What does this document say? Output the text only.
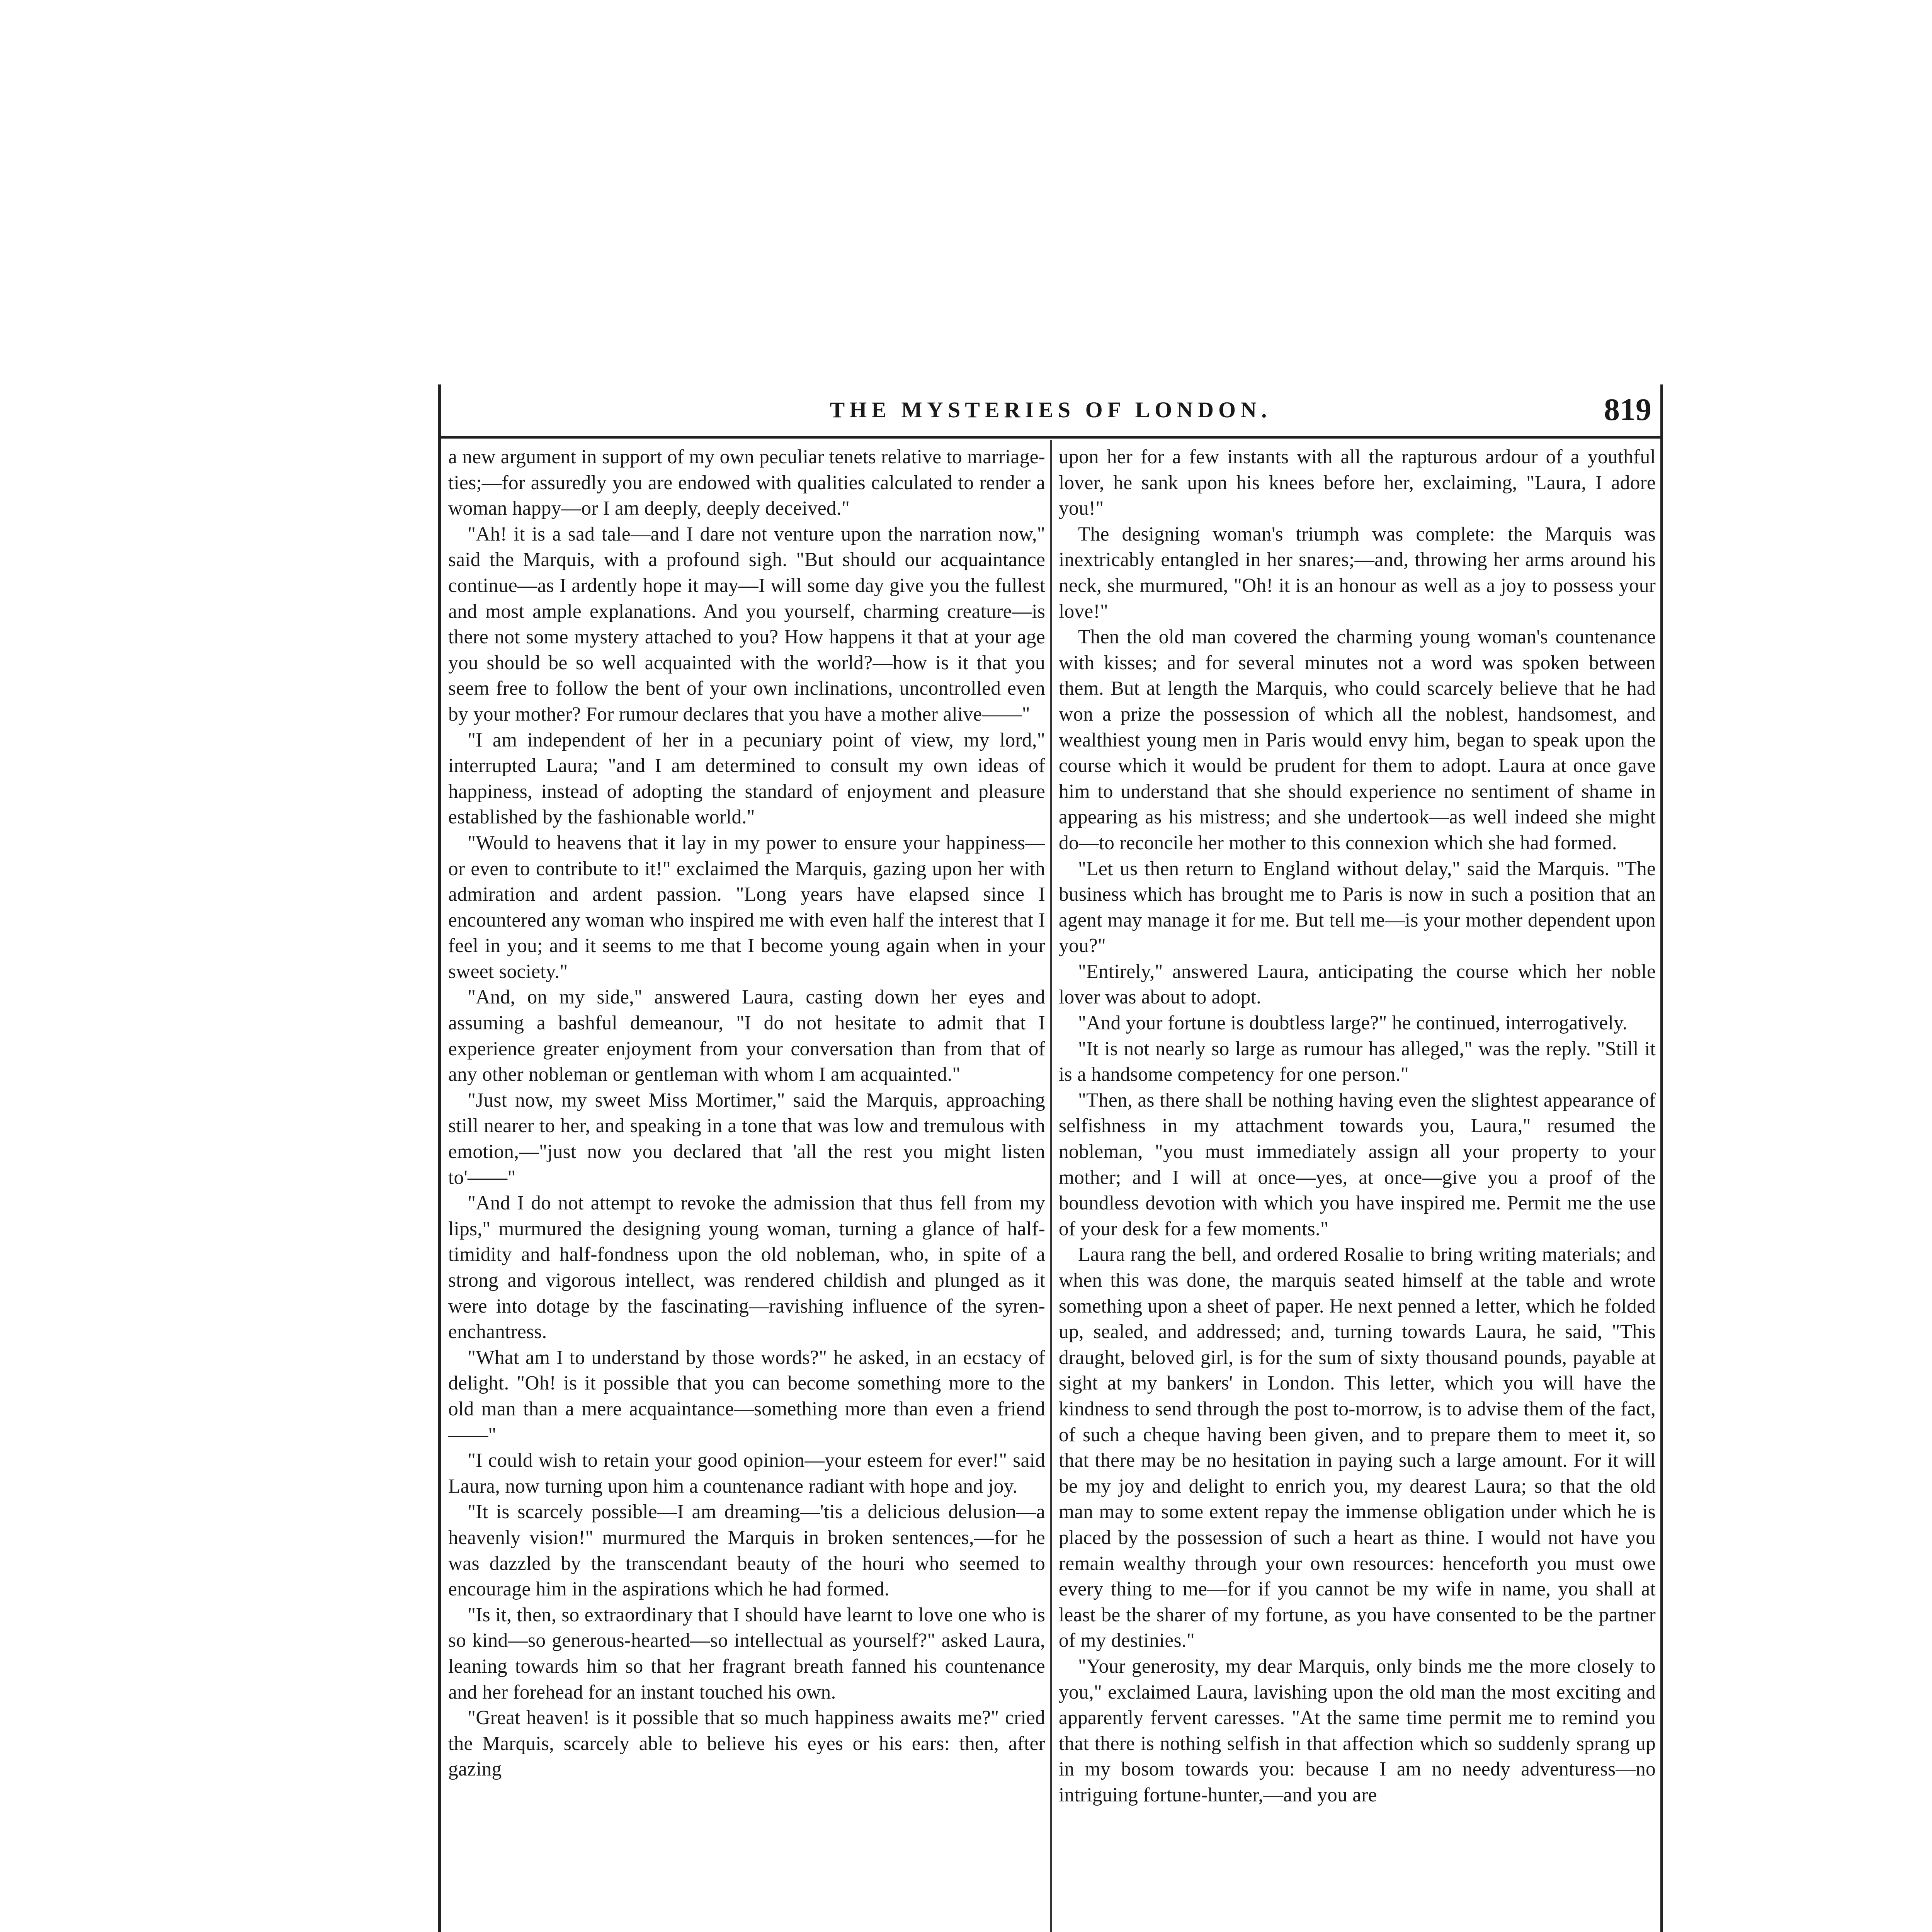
THE MYSTERIES OF LONDON.	819

a new argument in support of my own peculiar tenets relative to marriage-ties;—for assuredly you are endowed with qualities calculated to render a woman happy—or I am deeply, deeply deceived."

"Ah! it is a sad tale—and I dare not venture upon the narration now," said the Marquis, with a profound sigh. "But should our acquaintance continue—as I ardently hope it may—I will some day give you the fullest and most ample explanations. And you yourself, charming creature—is there not some mystery attached to you? How happens it that at your age you should be so well acquainted with the world?—how is it that you seem free to follow the bent of your own inclinations, uncontrolled even by your mother? For rumour declares that you have a mother alive——"

"I am independent of her in a pecuniary point of view, my lord," interrupted Laura; "and I am determined to consult my own ideas of happiness, instead of adopting the standard of enjoyment and pleasure established by the fashionable world."

"Would to heavens that it lay in my power to ensure your happiness—or even to contribute to it!" exclaimed the Marquis, gazing upon her with admiration and ardent passion. "Long years have elapsed since I encountered any woman who inspired me with even half the interest that I feel in you; and it seems to me that I become young again when in your sweet society."

"And, on my side," answered Laura, casting down her eyes and assuming a bashful demeanour, "I do not hesitate to admit that I experience greater enjoyment from your conversation than from that of any other nobleman or gentleman with whom I am acquainted."

"Just now, my sweet Miss Mortimer," said the Marquis, approaching still nearer to her, and speaking in a tone that was low and tremulous with emotion,—"just now you declared that 'all the rest you might listen to'——"

"And I do not attempt to revoke the admission that thus fell from my lips," murmured the designing young woman, turning a glance of half-timidity and half-fondness upon the old nobleman, who, in spite of a strong and vigorous intellect, was rendered childish and plunged as it were into dotage by the fascinating—ravishing influence of the syren-enchantress.

"What am I to understand by those words?" he asked, in an ecstacy of delight. "Oh! is it possible that you can become something more to the old man than a mere acquaintance—something more than even a friend——"

"I could wish to retain your good opinion—your esteem for ever!" said Laura, now turning upon him a countenance radiant with hope and joy.

"It is scarcely possible—I am dreaming—'tis a delicious delusion—a heavenly vision!" murmured the Marquis in broken sentences,—for he was dazzled by the transcendant beauty of the houri who seemed to encourage him in the aspirations which he had formed.

"Is it, then, so extraordinary that I should have learnt to love one who is so kind—so generous-hearted—so intellectual as yourself?" asked Laura, leaning towards him so that her fragrant breath fanned his countenance and her forehead for an instant touched his own.

"Great heaven! is it possible that so much happiness awaits me?" cried the Marquis, scarcely able to believe his eyes or his ears: then, after gazing

upon her for a few instants with all the rapturous ardour of a youthful lover, he sank upon his knees before her, exclaiming, "Laura, I adore you!"

The designing woman's triumph was complete: the Marquis was inextricably entangled in her snares;—and, throwing her arms around his neck, she murmured, "Oh! it is an honour as well as a joy to possess your love!"

Then the old man covered the charming young woman's countenance with kisses; and for several minutes not a word was spoken between them. But at length the Marquis, who could scarcely believe that he had won a prize the possession of which all the noblest, handsomest, and wealthiest young men in Paris would envy him, began to speak upon the course which it would be prudent for them to adopt. Laura at once gave him to understand that she should experience no sentiment of shame in appearing as his mistress; and she undertook—as well indeed she might do—to reconcile her mother to this connexion which she had formed.

"Let us then return to England without delay," said the Marquis. "The business which has brought me to Paris is now in such a position that an agent may manage it for me. But tell me—is your mother dependent upon you?"

"Entirely," answered Laura, anticipating the course which her noble lover was about to adopt.

"And your fortune is doubtless large?" he continued, interrogatively.

"It is not nearly so large as rumour has alleged," was the reply. "Still it is a handsome competency for one person."

"Then, as there shall be nothing having even the slightest appearance of selfishness in my attachment towards you, Laura," resumed the nobleman, "you must immediately assign all your property to your mother; and I will at once—yes, at once—give you a proof of the boundless devotion with which you have inspired me. Permit me the use of your desk for a few moments."

Laura rang the bell, and ordered Rosalie to bring writing materials; and when this was done, the marquis seated himself at the table and wrote something upon a sheet of paper. He next penned a letter, which he folded up, sealed, and addressed; and, turning towards Laura, he said, "This draught, beloved girl, is for the sum of sixty thousand pounds, payable at sight at my bankers' in London. This letter, which you will have the kindness to send through the post to-morrow, is to advise them of the fact, of such a cheque having been given, and to prepare them to meet it, so that there may be no hesitation in paying such a large amount. For it will be my joy and delight to enrich you, my dearest Laura; so that the old man may to some extent repay the immense obligation under which he is placed by the possession of such a heart as thine. I would not have you remain wealthy through your own resources: henceforth you must owe every thing to me—for if you cannot be my wife in name, you shall at least be the sharer of my fortune, as you have consented to be the partner of my destinies."

"Your generosity, my dear Marquis, only binds me the more closely to you," exclaimed Laura, lavishing upon the old man the most exciting and apparently fervent caresses. "At the same time permit me to remind you that there is nothing selfish in that affection which so suddenly sprang up in my bosom towards you: because I am no needy adventuress—no intriguing fortune-hunter,—and you are
